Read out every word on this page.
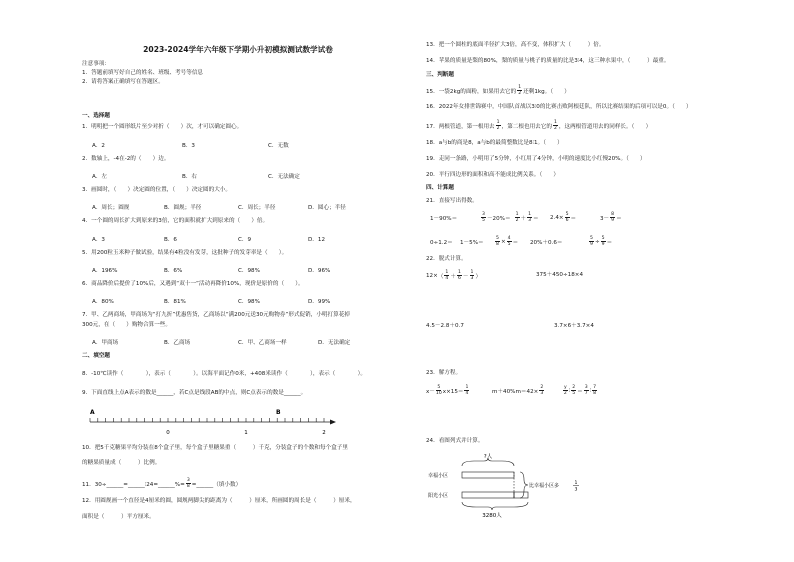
2023-2024学年六年级下学期小升初模拟测试数学试卷
注意事项：
1．答题前填写好自己的姓名、班级、考号等信息
2．请将答案正确填写在答题区。
一、选择题
1．明明把一个圆形纸片至少对折（　　）次，才可以确定圆心。
A．2	B．3	C．无数
2．数轴上，-4在-2的（　　）边。
A．左	B．右	C．无法确定
3．画圆时，（　　）决定圆的位置，（　　）决定圆的大小。
A．周长；圆规	B．圆规；半径	C．周长；半径	D．圆心；半径
4．一个圆的周长扩大到原来的3倍，它的面积就扩大到原来的（　　）倍。
A．3	B．6	C．9	D．12
5．用200粒玉米种子做试验，结果有4粒没有发芽，这批种子的发芽率是（　　）。
A．196%	B．6%	C．98%	D．96%
6．商品降价后提价了10%后，又遇到“双十一”活动再降价10%，现价是原价的（　　）。
A．80%	B．81%	C．98%	D．99%
7．甲、乙两商场，甲商场为“打九折”优惠售货，乙商场以“满200元送30元购物券”形式促销，小明打算花掉
300元，在（　　）购物合算一些。
A．甲商场	B．乙商场	C．甲、乙商场一样	D．无法确定
二、填空题
8．-10℃读作（　　　　），表示（　　　　）。以海平面记作0米，+408米读作（　　　　），表示（　　　　）。
9．下面直线上点A表示的数是______，若C点是线段AB的中点，则C点表示的数是______。
A	B
0	1	2
10．把5千克糖果平均分装在8个盒子里，每个盒子里糖果重（　　　）千克，分装盒子的个数和每个盒子里
的糖果质量成（　　　）比例。
11．30÷______=______∶24=______%= $\frac{3}{8}$ =______（填小数）
12．用圆规画一个直径是4厘米的圆，圆规两脚尖的距离为（　　　）厘米，所画圆的周长是（　　　）厘米，
面积是（　　　）平方厘米。
13．把一个圆柱的底面半径扩大3倍，高不变，体积扩大（　　　）倍。
14．苹果的质量是梨的80%，梨的质量与桃子的质量的比是3∶4，这三种水果中，（　　　）最重。
三、判断题
15．一袋2kg的面粉，如果用去它的 $\frac{1}{2}$ 还剩1kg。（　　）
16．2022年女排世锦赛中，中国队首战以3∶0的比赛击败阿根廷队，所以比赛结果的后项可以是0。（　　）
17．两根管道，第一根用去 $\frac{1}{2}$ ，第二根也用去它的 $\frac{1}{2}$ ，这两根管道用去的同样长。（　　）
18．a与b的商是8，a与b的最简整数比是8∶1。（　　）
19．走同一条路，小明用了5分钟，小红用了4分钟，小明的速度比小红慢20%。（　　）
20．平行四边形的面积和高不能成比例关系。（　　）
四、计算题
21．直接写出得数。
1－90%＝	$\frac{3}{5} -20\%= \frac{1}{2} + \frac{1}{3}$ ＝	$2.4\times \frac{5}{6}$ ＝	$3- \frac{8}{9}$ ＝
0÷1.2＝	1－5%＝	$\frac{5}{8} \times \frac{4}{5}$ ＝	20%＋0.6＝	$\frac{5}{9} \div \frac{5}{9}$ ＝
22．脱式计算。
12× （ $\frac{1}{4} + \frac{1}{6} - \frac{1}{3}$ ）	375＋450÷18×4
4.5－2.8＋0.7	3.7×6＋3.7×4
23．解方程。
$x- \frac{5}{10} x\times 15= \frac{1}{4}$	$m+40\%m=42\times \frac{2}{3}$	$\frac{y}{2}$ ∶ $\frac{2}{5} = \frac{3}{7}$ ∶ $\frac{7}{8}$
24．看图列式并计算。
?人
幸福小区
阳光小区
比幸福小区多	1
3
3280人
